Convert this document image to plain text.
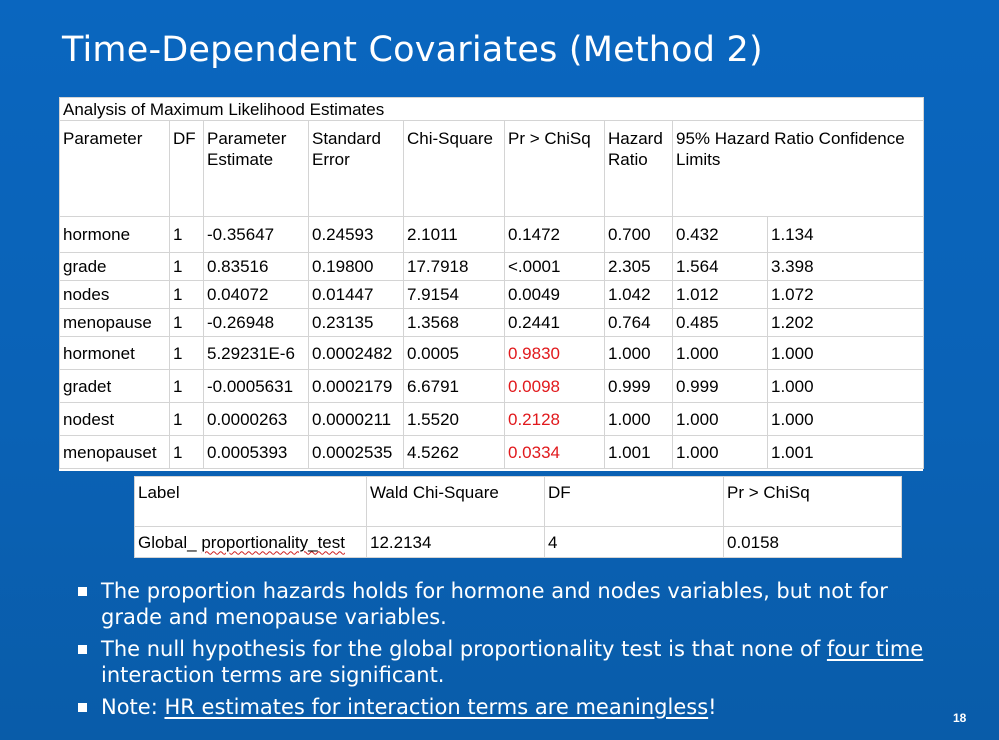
Time-Dependent Covariates (Method 2)
Analysis of Maximum Likelihood Estimates								
Parameter	DF	Parameter Estimate	Standard Error	Chi-Square	Pr > ChiSq	Hazard Ratio	95% Hazard Ratio Confidence Limits	
hormone	1	-0.35647	0.24593	2.1011	0.1472	0.700	0.432	1.134
grade	1	0.83516	0.19800	17.7918	<.0001	2.305	1.564	3.398
nodes	1	0.04072	0.01447	7.9154	0.0049	1.042	1.012	1.072
menopause	1	-0.26948	0.23135	1.3568	0.2441	0.764	0.485	1.202
hormonet	1	5.29231E-6	0.0002482	0.0005	0.9830	1.000	1.000	1.000
gradet	1	-0.0005631	0.0002179	6.6791	0.0098	0.999	0.999	1.000
nodest	1	0.0000263	0.0000211	1.5520	0.2128	1.000	1.000	1.000
menopauset	1	0.0005393	0.0002535	4.5262	0.0334	1.001	1.000	1.001
Label	Wald Chi-Square	DF	Pr > ChiSq
Global_ proportionality_test	12.2134	4	0.0158
The proportion hazards holds for hormone and nodes variables, but not for grade and menopause variables.
The null hypothesis for the global proportionality test is that none of four time interaction terms are significant.
Note: HR estimates for interaction terms are meaningless!	18
